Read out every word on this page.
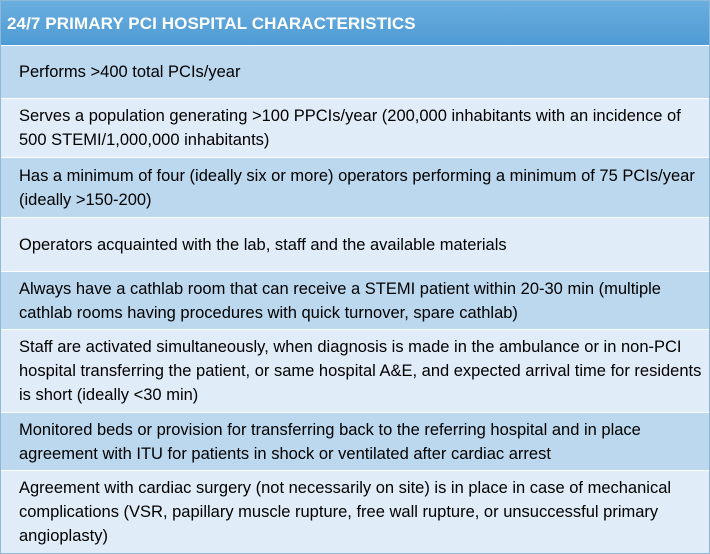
24/7 PRIMARY PCI HOSPITAL CHARACTERISTICS
Performs >400 total PCIs/year
Serves a population generating >100 PPCIs/year (200,000 inhabitants with an incidence of 500 STEMI/1,000,000 inhabitants)
Has a minimum of four (ideally six or more) operators performing a minimum of 75 PCIs/year (ideally >150-200)
Operators acquainted with the lab, staff and the available materials
Always have a cathlab room that can receive a STEMI patient within 20-30 min (multiple cathlab rooms having procedures with quick turnover, spare cathlab)
Staff are activated simultaneously, when diagnosis is made in the ambulance or in non-PCI hospital transferring the patient, or same hospital A&E, and expected arrival time for residents is short (ideally <30 min)
Monitored beds or provision for transferring back to the referring hospital and in place agreement with ITU for patients in shock or ventilated after cardiac arrest
Agreement with cardiac surgery (not necessarily on site) is in place in case of mechanical complications (VSR, papillary muscle rupture, free wall rupture, or unsuccessful primary angioplasty)
